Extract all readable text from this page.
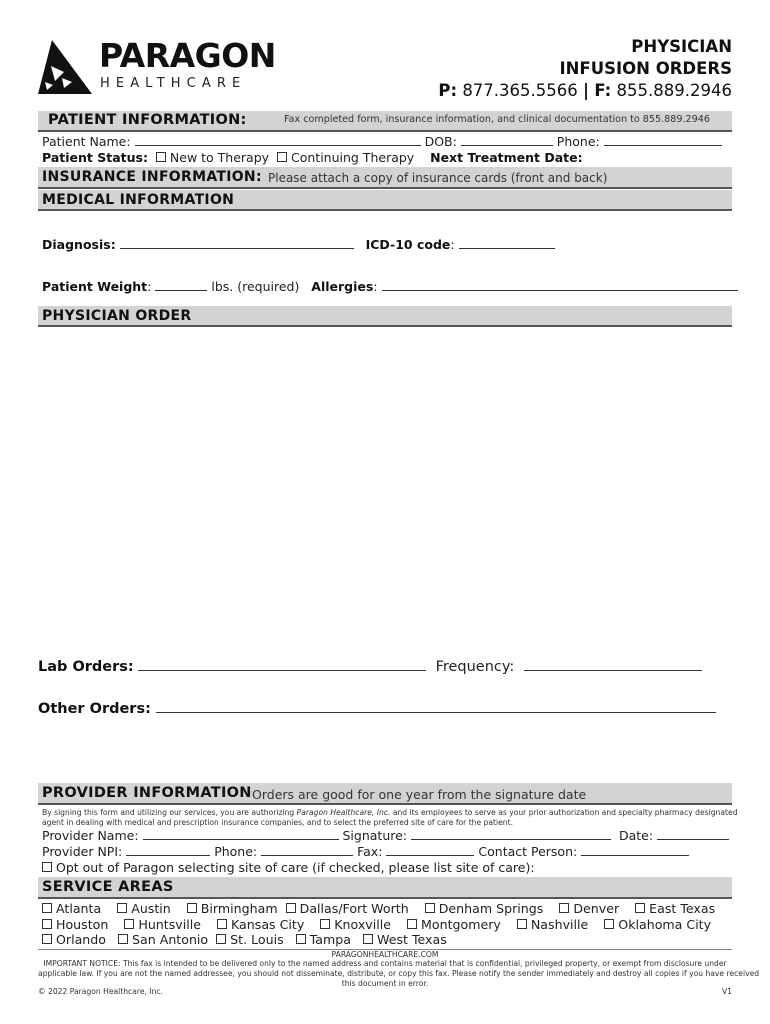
PARAGON
HEALTHCARE
PHYSICIAN
INFUSION ORDERS
P: 877.365.5566 | F: 855.889.2946
PATIENT INFORMATION:	Fax completed form, insurance information, and clinical documentation to 855.889.2946
Patient Name:	DOB:	Phone:
Patient Status: New to Therapy Continuing Therapy Next Treatment Date:
INSURANCE INFORMATION: Please attach a copy of insurance cards (front and back)
MEDICAL INFORMATION
Diagnosis:	ICD-10 code:
Patient Weight:	lbs. (required) Allergies:
PHYSICIAN ORDER
Lab Orders:	Frequency:
Other Orders:
PROVIDER INFORMATION Orders are good for one year from the signature date
By signing this form and utilizing our services, you are authorizing Paragon Healthcare, Inc. and its employees to serve as your prior authorization and specialty pharmacy designated
agent in dealing with medical and prescription insurance companies, and to select the preferred site of care for the patient.
Provider Name:	Signature:	Date:
Provider NPI:	Phone:	Fax:	Contact Person:
Opt out of Paragon selecting site of care (if checked, please list site of care):
SERVICE AREAS
Atlanta Austin Birmingham Dallas/Fort Worth Denham Springs Denver East Texas
Houston Huntsville Kansas City Knoxville Montgomery Nashville Oklahoma City
Orlando San Antonio St. Louis Tampa West Texas
PARAGONHEALTHCARE.COM
IMPORTANT NOTICE: This fax is intended to be delivered only to the named address and contains material that is confidential, privileged property, or exempt from disclosure under
applicable law. If you are not the named addressee, you should not disseminate, distribute, or copy this fax. Please notify the sender immediately and destroy all copies if you have received
this document in error.
© 2022 Paragon Healthcare, Inc.	V1
